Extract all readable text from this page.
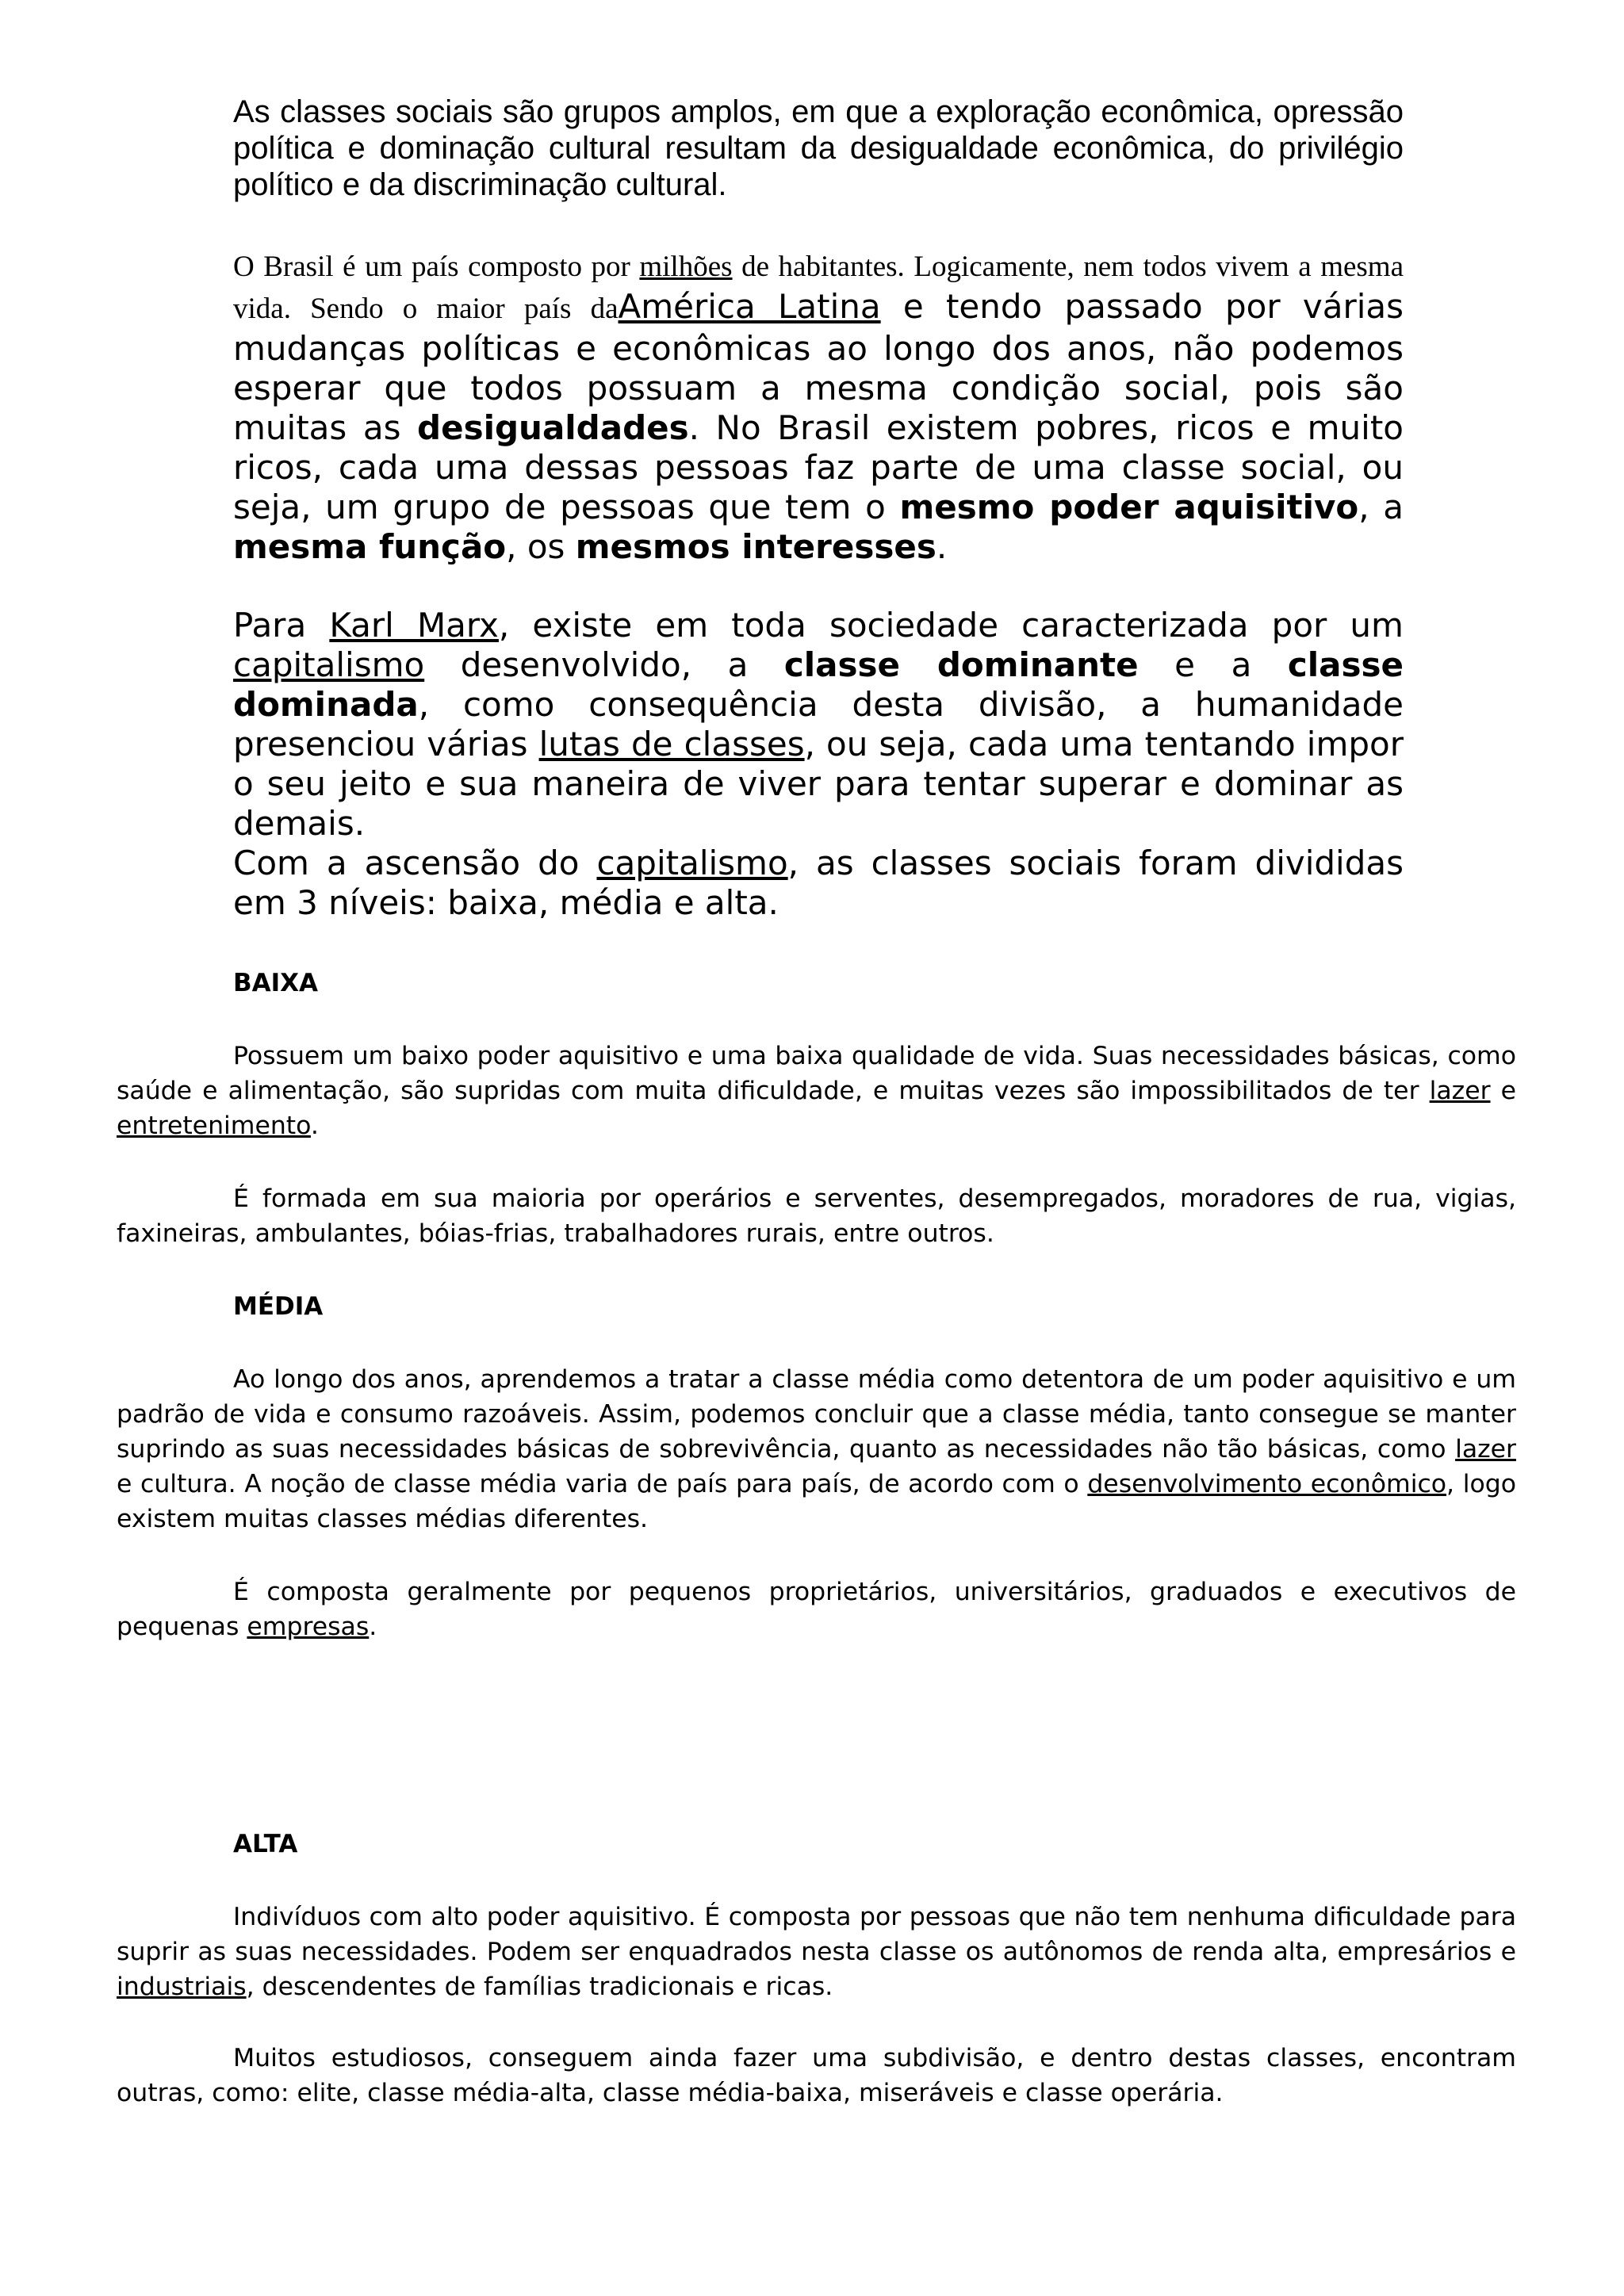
As classes sociais são grupos amplos, em que a exploração econômica, opressão política e dominação cultural resultam da desigualdade econômica, do privilégio político e da discriminação cultural.

O Brasil é um país composto por milhões de habitantes. Logicamente, nem todos vivem a mesma vida. Sendo o maior país daAmérica Latina e tendo passado por várias mudanças políticas e econômicas ao longo dos anos, não podemos esperar que todos possuam a mesma condição social, pois são muitas as desigualdades. No Brasil existem pobres, ricos e muito ricos, cada uma dessas pessoas faz parte de uma classe social, ou seja, um grupo de pessoas que tem o mesmo poder aquisitivo, a mesma função, os mesmos interesses.

Para Karl Marx, existe em toda sociedade caracterizada por um capitalismo desenvolvido, a classe dominante e a classe dominada, como consequência desta divisão, a humanidade presenciou várias lutas de classes, ou seja, cada uma tentando impor o seu jeito e sua maneira de viver para tentar superar e dominar as demais.
Com a ascensão do capitalismo, as classes sociais foram divididas em 3 níveis: baixa, média e alta.
BAIXA

Possuem um baixo poder aquisitivo e uma baixa qualidade de vida. Suas necessidades básicas, como saúde e alimentação, são supridas com muita dificuldade, e muitas vezes são impossibilitados de ter lazer e entretenimento.

É formada em sua maioria por operários e serventes, desempregados, moradores de rua, vigias, faxineiras, ambulantes, bóias-frias, trabalhadores rurais, entre outros.

MÉDIA

Ao longo dos anos, aprendemos a tratar a classe média como detentora de um poder aquisitivo e um padrão de vida e consumo razoáveis. Assim, podemos concluir que a classe média, tanto consegue se manter suprindo as suas necessidades básicas de sobrevivência, quanto as necessidades não tão básicas, como lazer e cultura. A noção de classe média varia de país para país, de acordo com o desenvolvimento econômico, logo existem muitas classes médias diferentes.

É composta geralmente por pequenos proprietários, universitários, graduados e executivos de pequenas empresas.

ALTA

Indivíduos com alto poder aquisitivo. É composta por pessoas que não tem nenhuma dificuldade para suprir as suas necessidades. Podem ser enquadrados nesta classe os autônomos de renda alta, empresários e industriais, descendentes de famílias tradicionais e ricas.

Muitos estudiosos, conseguem ainda fazer uma subdivisão, e dentro destas classes, encontram outras, como: elite, classe média-alta, classe média-baixa, miseráveis e classe operária.
